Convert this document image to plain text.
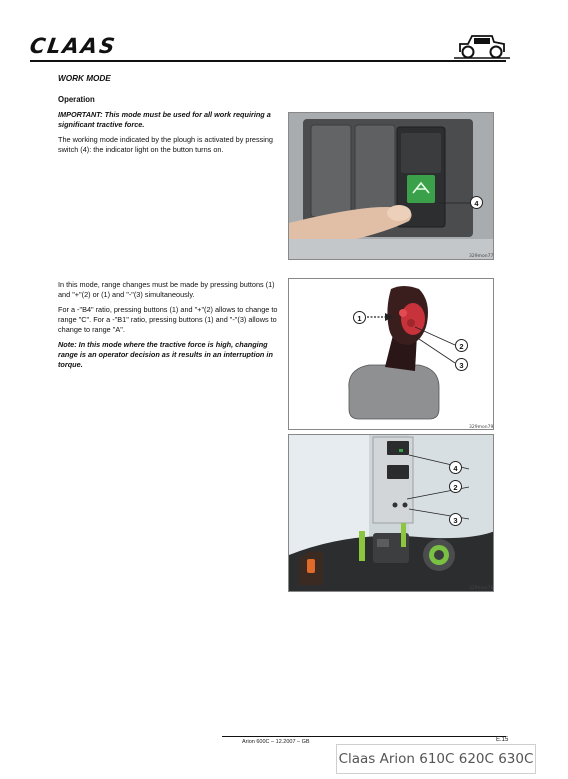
CLAAS
WORK MODE
Operation

IMPORTANT: This mode must be used for all work requiring a significant tractive force.

The working mode indicated by the plough is activated by pressing switch (4): the indicator light on the button turns on.

In this mode, range changes must be made by pressing buttons (1) and "+"(2) or (1) and "-"(3) simultaneously.

For a -"B4" ratio, pressing buttons (1) and "+"(2) allows to change to range "C". For a -"B1" ratio, pressing buttons (1) and "-"(3) allows to change to range "A".

Note: In this mode where the tractive force is high, changing range is an operator decision as it results in an interruption in torque.

4
329mon77
1
2
3
329mon79
4
2
3
329mon78
Arion 600C – 12.2007 – GB	E.15
Claas Arion 610C 620C 630C
